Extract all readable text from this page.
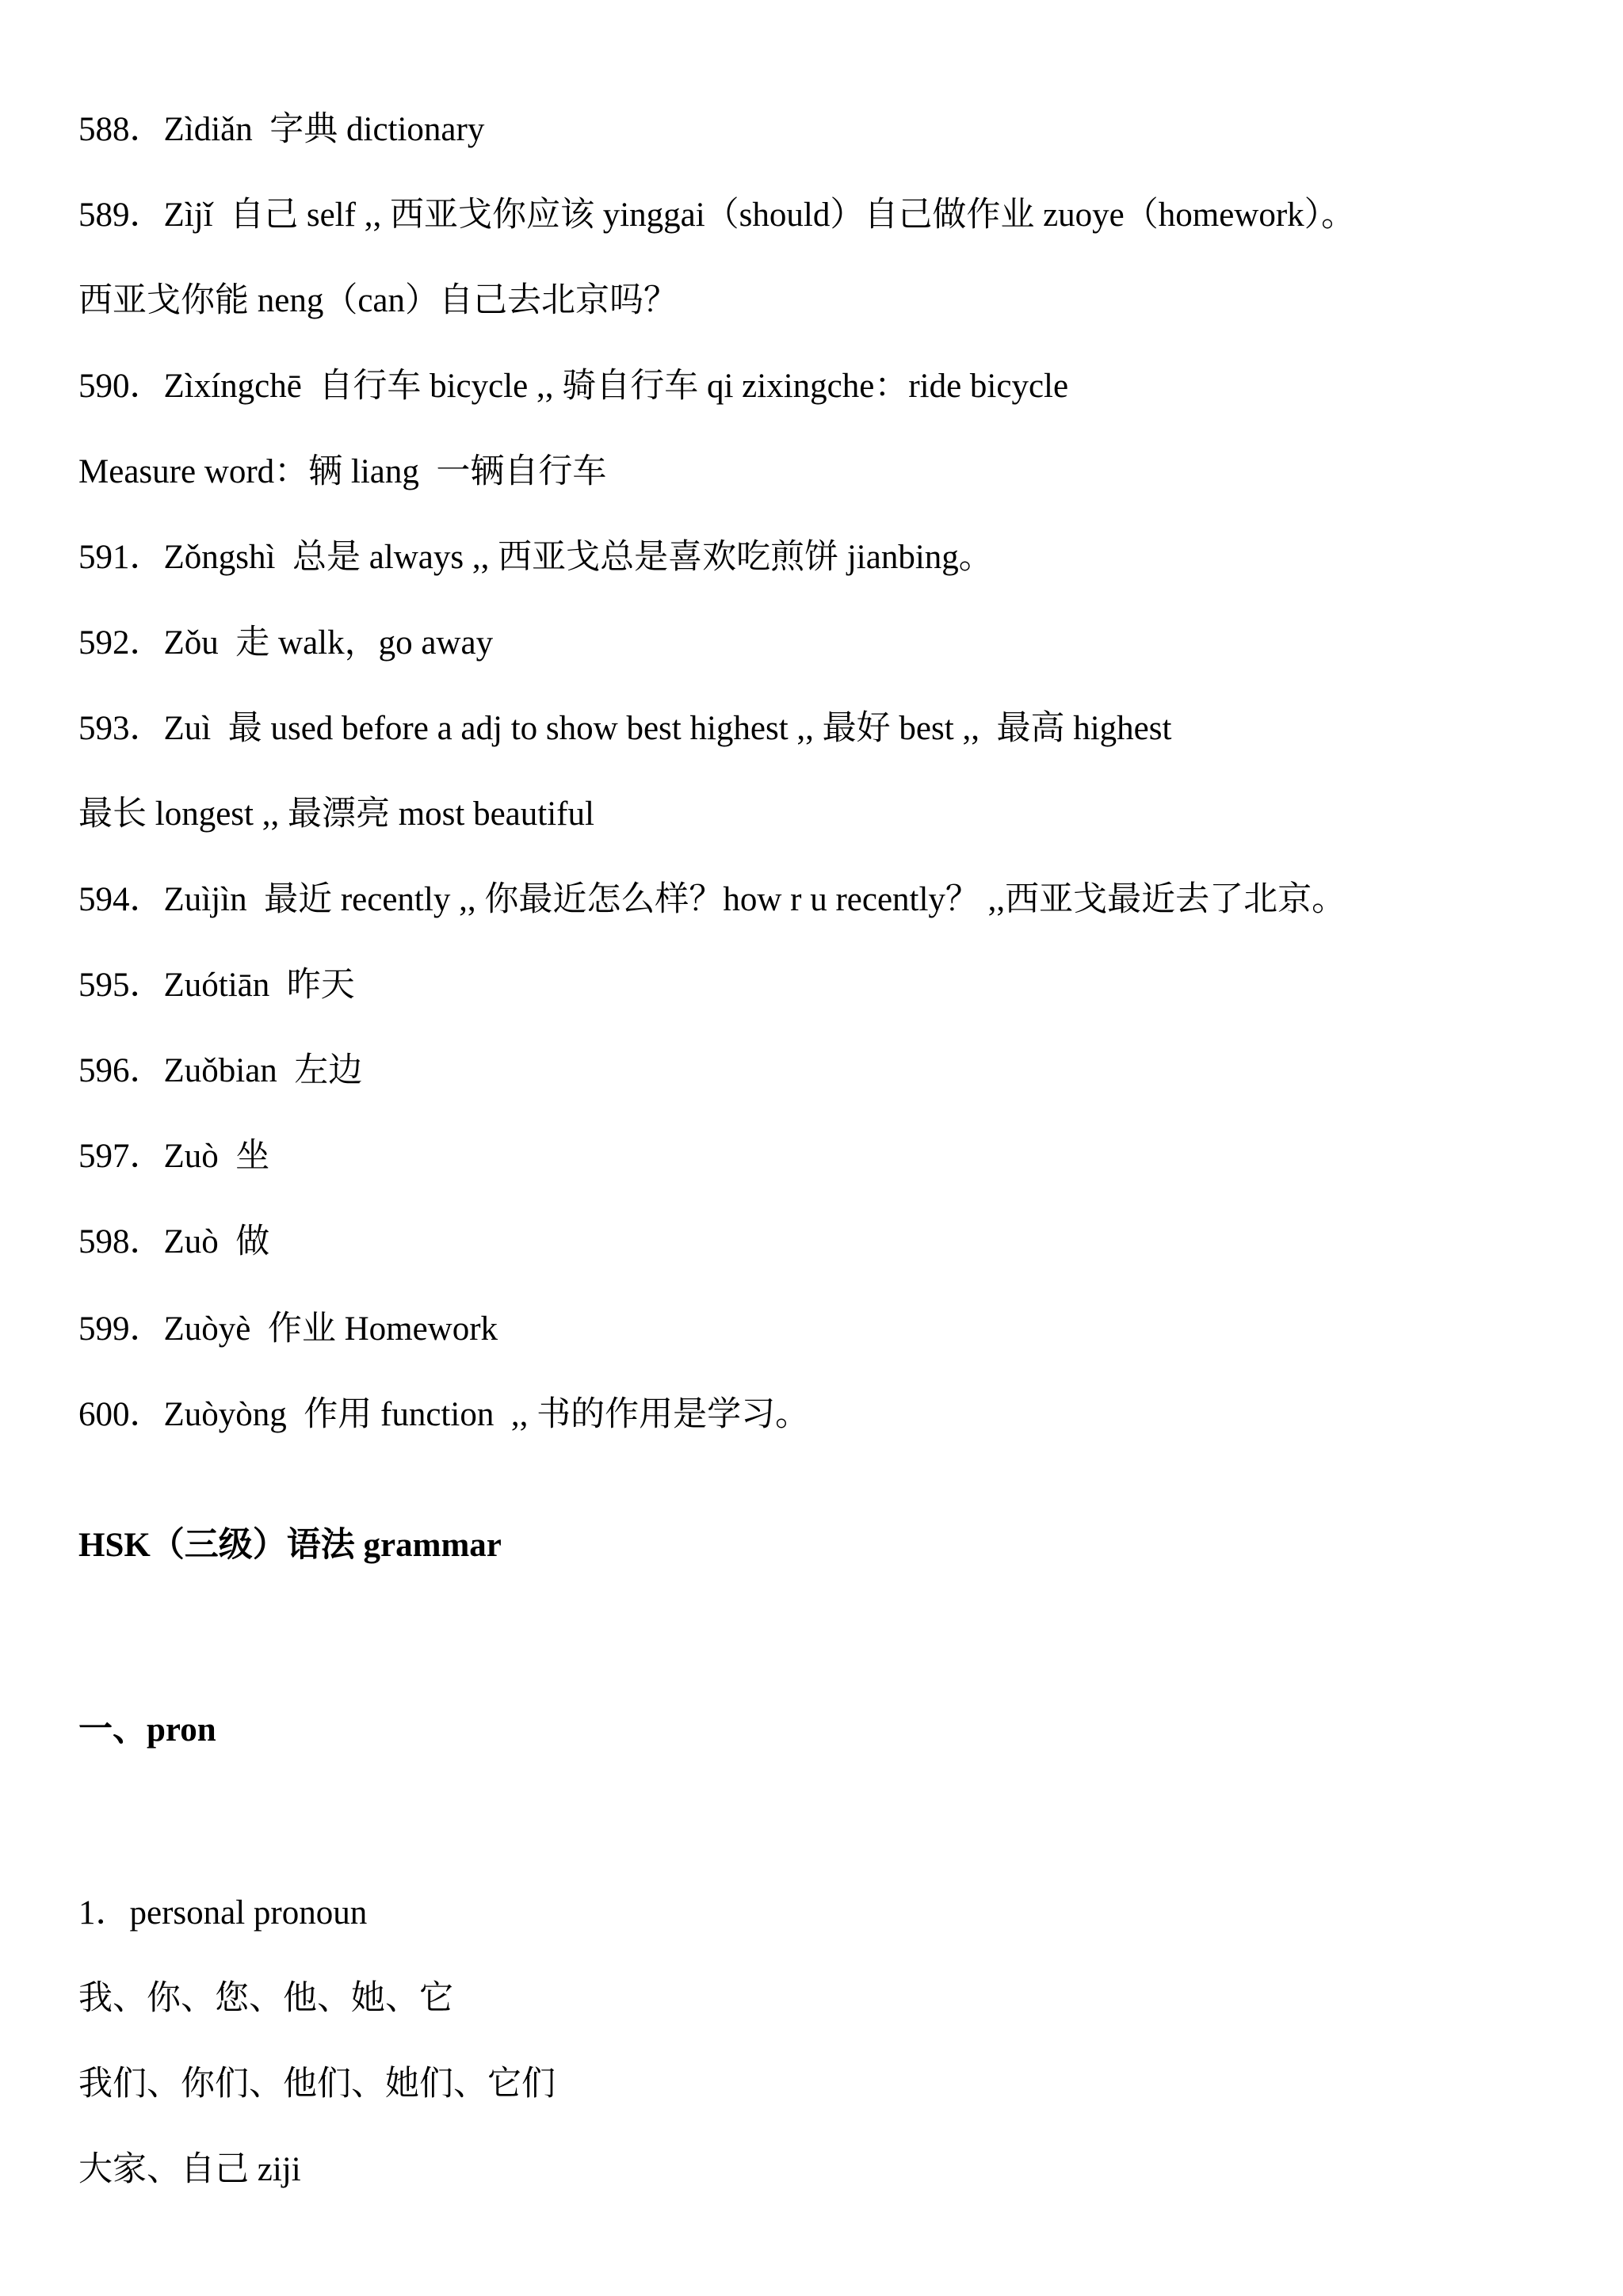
588．Zìdiǎn  字典 dictionary
589．Zìjǐ  自己 self ,, 西亚戈你应该 yinggai（should）自己做作业 zuoye（homework）。
西亚戈你能 neng（can）自己去北京吗？
590．Zìxíngchē  自行车 bicycle ,, 骑自行车 qi zixingche：ride bicycle
Measure word：辆 liang  一辆自行车
591．Zǒngshì  总是 always ,, 西亚戈总是喜欢吃煎饼 jianbing。
592．Zǒu  走 walk，go away
593．Zuì  最 used before a adj to show best highest ,, 最好 best ,,  最高 highest
最长 longest ,, 最漂亮 most beautiful
594．Zuìjìn  最近 recently ,, 你最近怎么样？how r u recently？ ,,西亚戈最近去了北京。
595．Zuótiān  昨天
596．Zuǒbian  左边
597．Zuò  坐
598．Zuò  做
599．Zuòyè  作业 Homework
600．Zuòyòng  作用 function  ,, 书的作用是学习。
HSK（三级）语法 grammar
一、pron
1．personal pronoun
我、你、您、他、她、它
我们、你们、他们、她们、它们
大家、自己 ziji
